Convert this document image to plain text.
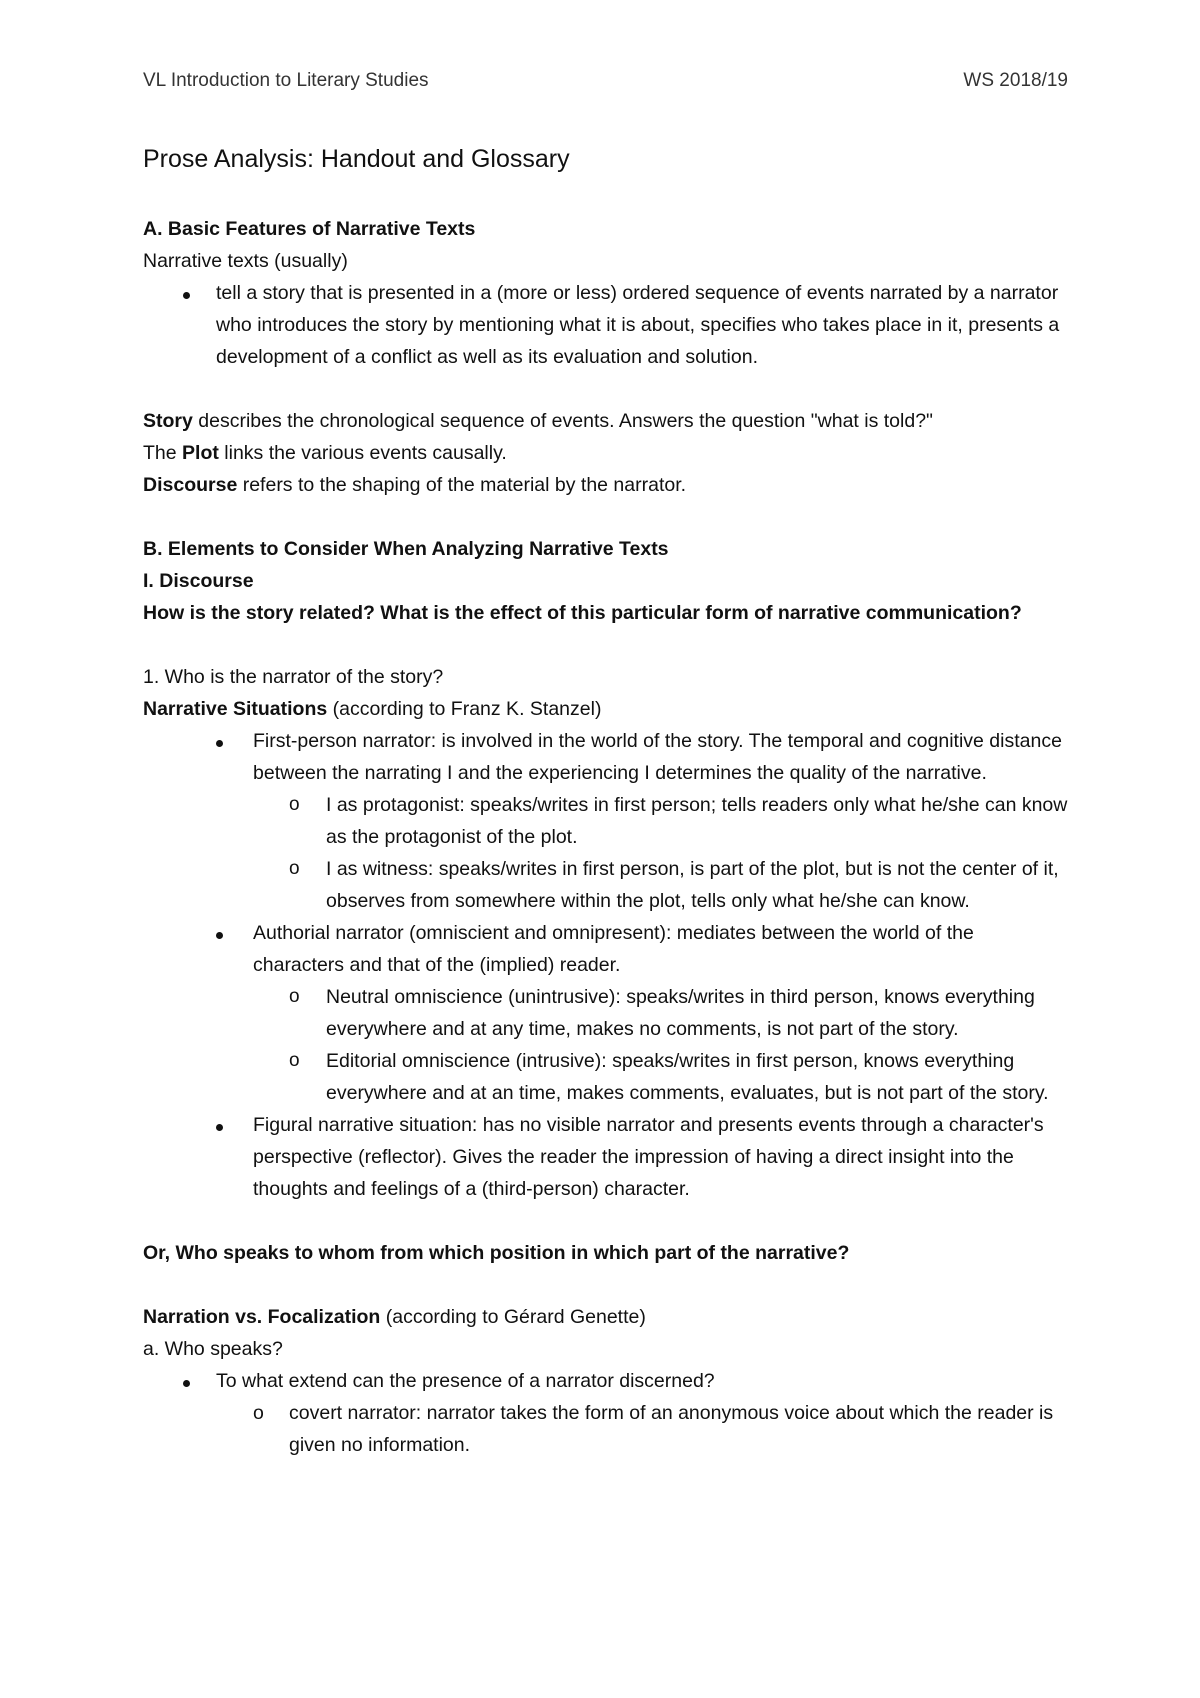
VL Introduction to Literary Studies	WS 2018/19
Prose Analysis: Handout and Glossary

A. Basic Features of Narrative Texts

Narrative texts (usually)

tell a story that is presented in a (more or less) ordered sequence of events narrated by a narrator who introduces the story by mentioning what it is about, specifies who takes place in it, presents a development of a conflict as well as its evaluation and solution.

Story describes the chronological sequence of events. Answers the question "what is told?"

The Plot links the various events causally.

Discourse refers to the shaping of the material by the narrator.

B. Elements to Consider When Analyzing Narrative Texts

I. Discourse

How is the story related? What is the effect of this particular form of narrative communication?

1. Who is the narrator of the story?

Narrative Situations (according to Franz K. Stanzel)

First-person narrator: is involved in the world of the story. The temporal and cognitive distance between the narrating I and the experiencing I determines the quality of the narrative.
o I as protagonist: speaks/writes in first person; tells readers only what he/she can know as the protagonist of the plot.
o I as witness: speaks/writes in first person, is part of the plot, but is not the center of it, observes from somewhere within the plot, tells only what he/she can know.
Authorial narrator (omniscient and omnipresent): mediates between the world of the characters and that of the (implied) reader.
o Neutral omniscience (unintrusive): speaks/writes in third person, knows everything everywhere and at any time, makes no comments, is not part of the story.
o Editorial omniscience (intrusive): speaks/writes in first person, knows everything everywhere and at an time, makes comments, evaluates, but is not part of the story.
Figural narrative situation: has no visible narrator and presents events through a character's perspective (reflector). Gives the reader the impression of having a direct insight into the thoughts and feelings of a (third-person) character.

Or, Who speaks to whom from which position in which part of the narrative?

Narration vs. Focalization (according to Gérard Genette)

a. Who speaks?

To what extend can the presence of a narrator discerned?
o covert narrator: narrator takes the form of an anonymous voice about which the reader is given no information.
